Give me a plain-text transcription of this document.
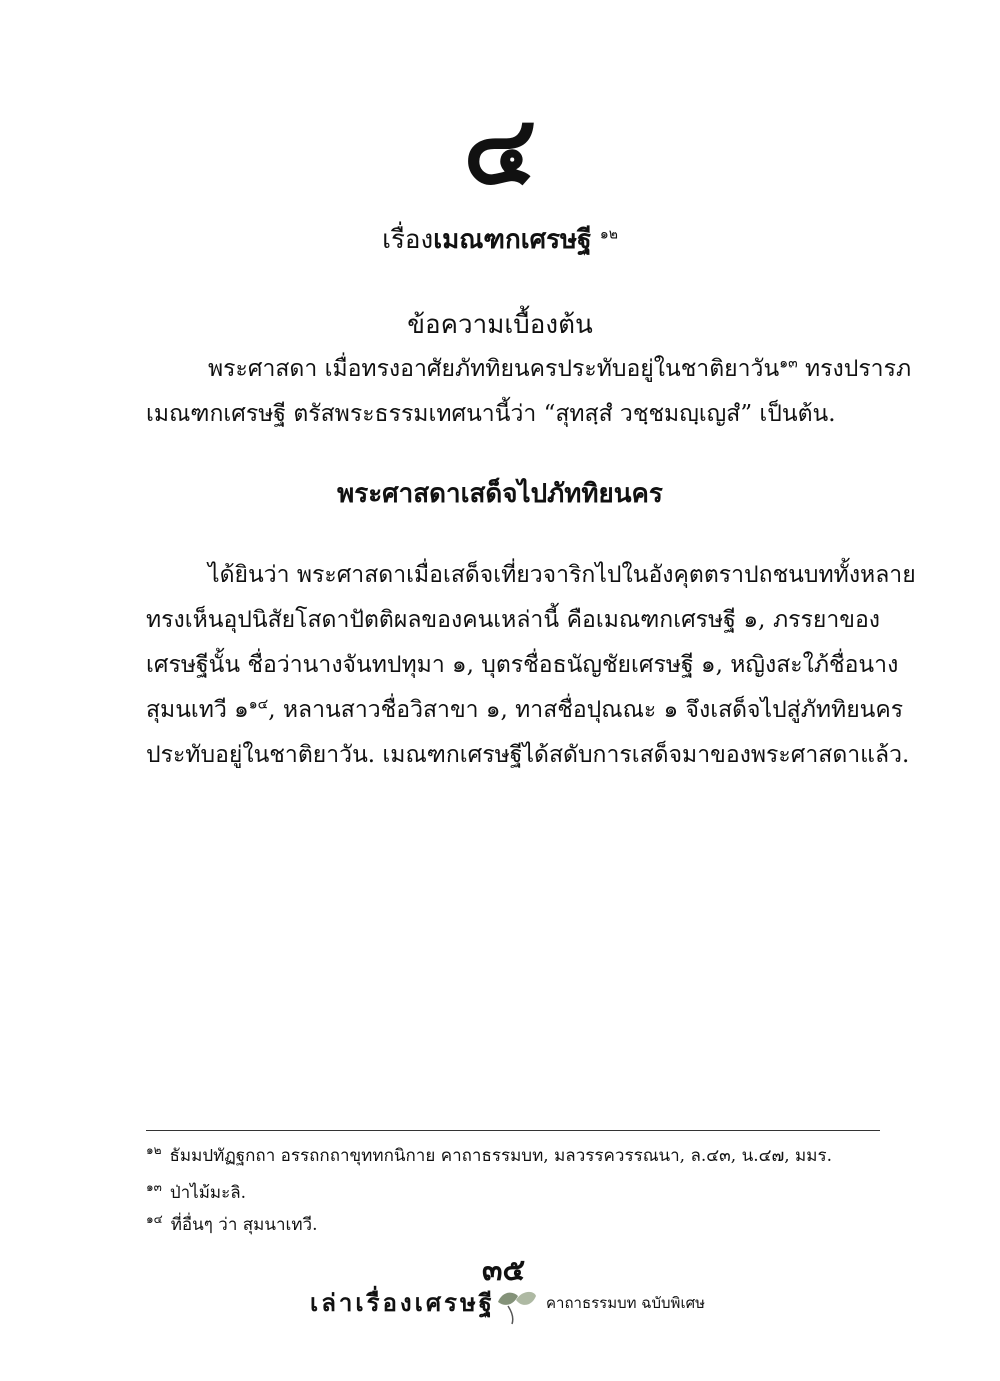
๔
เรื่องเมณฑกเศรษฐี $^{๑๒}$
ข้อความเบื้องต้น
พระศาสดา เมื่อทรงอาศัยภัททิยนครประทับอยู่ในชาติยาวัน$^{๑๓}$ ทรงปรารภ
เมณฑกเศรษฐี ตรัสพระธรรมเทศนานี้ว่า “สุทสฺสํ วชฺชมญฺเญสํ” เป็นต้น.
พระศาสดาเสด็จไปภัททิยนคร
ได้ยินว่า พระศาสดาเมื่อเสด็จเที่ยวจาริกไปในอังคุตตราปถชนบททั้งหลาย
ทรงเห็นอุปนิสัยโสดาปัตติผลของคนเหล่านี้ คือเมณฑกเศรษฐี ๑, ภรรยาของ
เศรษฐีนั้น ชื่อว่านางจันทปทุมา ๑, บุตรชื่อธนัญชัยเศรษฐี ๑, หญิงสะใภ้ชื่อนาง
สุมนเทวี ๑$^{๑๔}$, หลานสาวชื่อวิสาขา ๑, ทาสชื่อปุณณะ ๑ จึงเสด็จไปสู่ภัททิยนคร
ประทับอยู่ในชาติยาวัน. เมณฑกเศรษฐีได้สดับการเสด็จมาของพระศาสดาแล้ว.
$^{๑๒}$ ธัมมปทัฏฐกถา อรรถกถาขุททกนิกาย คาถาธรรมบท, มลวรรควรรณนา, ล.๔๓, น.๔๗, มมร.
$^{๑๓}$ ป่าไม้มะลิ.
$^{๑๔}$ ที่อื่นๆ ว่า สุมนาเทวี.
๓๕
เล่าเรื่องเศรษฐี	คาถาธรรมบท ฉบับพิเศษ
